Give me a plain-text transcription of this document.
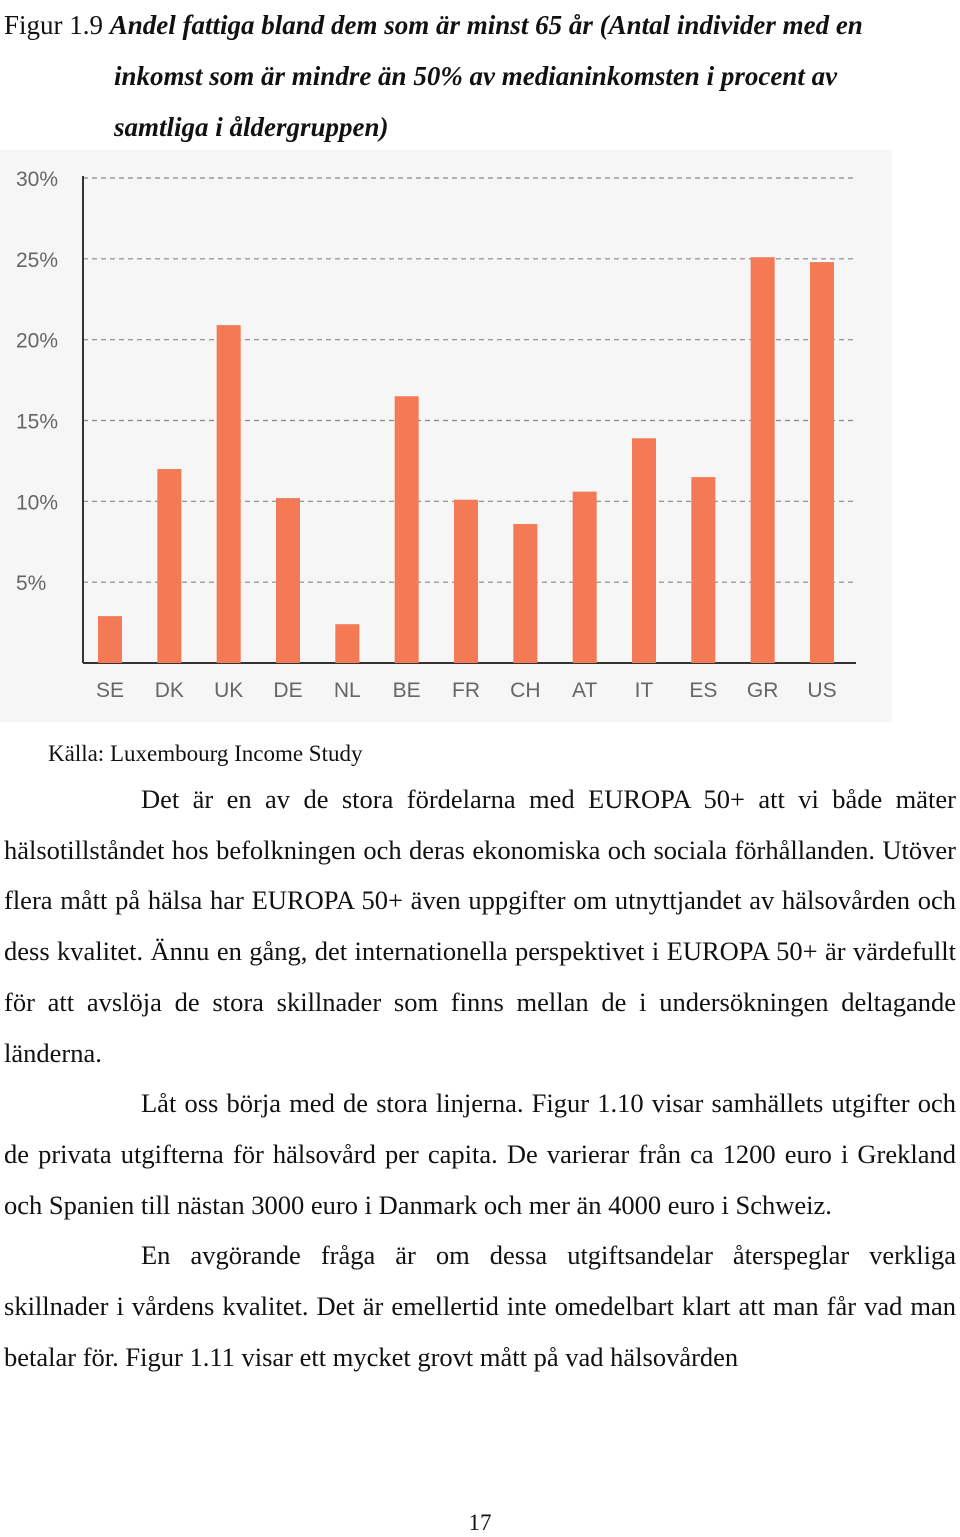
Figur 1.9 Andel fattiga bland dem som är minst 65 år (Antal individer med en
inkomst som är mindre än 50% av medianinkomsten i procent av
samtliga i åldergruppen)
5%
10%
15%
20%
25%
30%
SE DK UK DE NL BE FR CH AT IT ES GR US
Källa: Luxembourg Income Study

Det är en av de stora fördelarna med EUROPA 50+ att vi både mäter hälsotillståndet hos befolkningen och deras ekonomiska och sociala förhållanden. Utöver flera mått på hälsa har EUROPA 50+ även uppgifter om utnyttjandet av hälsovården och dess kvalitet. Ännu en gång, det internationella perspektivet i EUROPA 50+ är värdefullt för att avslöja de stora skillnader som finns mellan de i undersökningen deltagande länderna.

Låt oss börja med de stora linjerna. Figur 1.10 visar samhällets utgifter och de privata utgifterna för hälsovård per capita. De varierar från ca 1200 euro i Grekland och Spanien till nästan 3000 euro i Danmark och mer än 4000 euro i Schweiz.

En avgörande fråga är om dessa utgiftsandelar återspeglar verkliga skillnader i vårdens kvalitet. Det är emellertid inte omedelbart klart att man får vad man betalar för. Figur 1.11 visar ett mycket grovt mått på vad hälsovården

17
